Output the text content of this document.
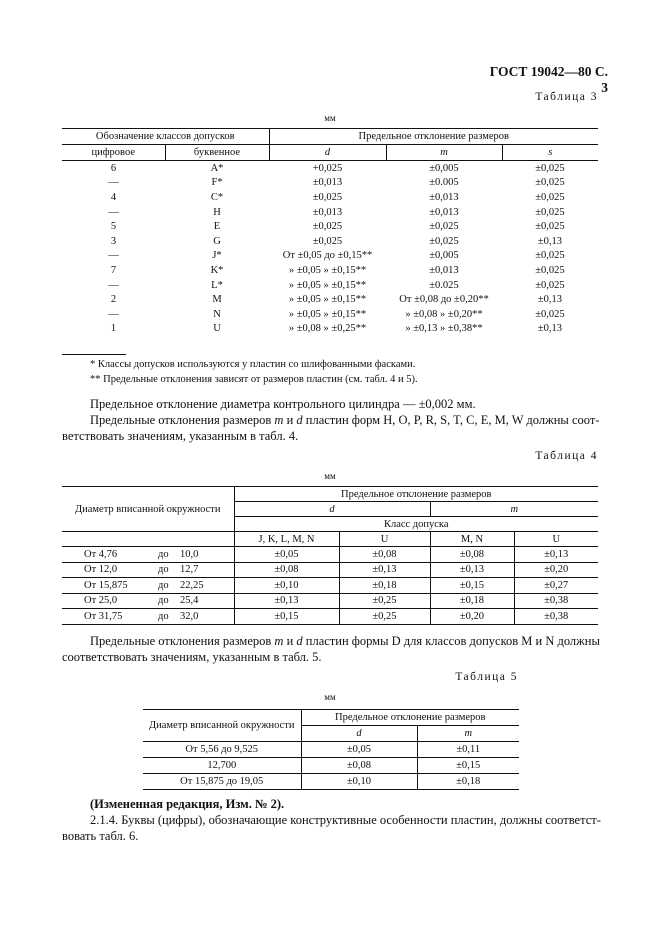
ГОСТ 19042—80 С. 3
Таблица 3
мм
Обозначение классов допусков		Предельное отклонение размеров		
цифровое	буквенное	d	m	s
6	A*	+0,025	±0,005	±0,025
—	F*	±0,013	±0.005	±0,025
4	C*	±0,025	±0,013	±0,025
—	H	±0,013	±0,013	±0,025
5	E	±0,025	±0,025	±0,025
3	G	±0,025	±0,025	±0,13
—	J*	От ±0,05 до ±0,15**	±0,005	±0,025
7	K*	» ±0,05 » ±0,15**	±0,013	±0,025
—	L*	» ±0,05 » ±0,15**	±0.025	±0,025
2	M	» ±0,05 » ±0,15**	От ±0,08 до ±0,20**	±0,13
—	N	» ±0,05 » ±0,15**	» ±0,08 » ±0,20**	±0,025
1	U	» ±0,08 » ±0,25**	» ±0,13 » ±0,38**	±0,13
* Классы допусков используются у пластин со шлифованными фасками.
** Предельные отклонения зависят от размеров пластин (см. табл. 4 и 5).
Предельное отклонение диаметра контрольного цилиндра — ±0,002 мм.
Предельные отклонения размеров m и d пластин форм H, O, P, R, S, T, C, E, M, W должны соот-
ветствовать значениям, указанным в табл. 4.
Таблица 4
мм
Диаметр вписанной окружности	Предельное отклонение размеров			
	d		m	
	Класс допуска			
	J, K, L, M, N	U	M, N	U
От 4,76 до 10,0	±0,05	±0,08	±0,08	±0,13
От 12,0 до 12,7	±0,08	±0,13	±0,13	±0,20
От 15,875 до 22,25	±0,10	±0,18	±0,15	±0,27
От 25,0 до 25,4	±0,13	±0,25	±0,18	±0,38
От 31,75 до 32,0	±0,15	±0,25	±0,20	±0,38
Предельные отклонения размеров m и d пластин формы D для классов допусков M и N должны
соответствовать значениям, указанным в табл. 5.
Таблица 5
мм
Диаметр вписанной окружности	Предельное отклонение размеров	
	d	m
От 5,56 до 9,525	±0,05	±0,11
12,700	±0,08	±0,15
От 15,875 до 19,05	±0,10	±0,18
(Измененная редакция, Изм. № 2).
2.1.4. Буквы (цифры), обозначающие конструктивные особенности пластин, должны соответст-
вовать табл. 6.
